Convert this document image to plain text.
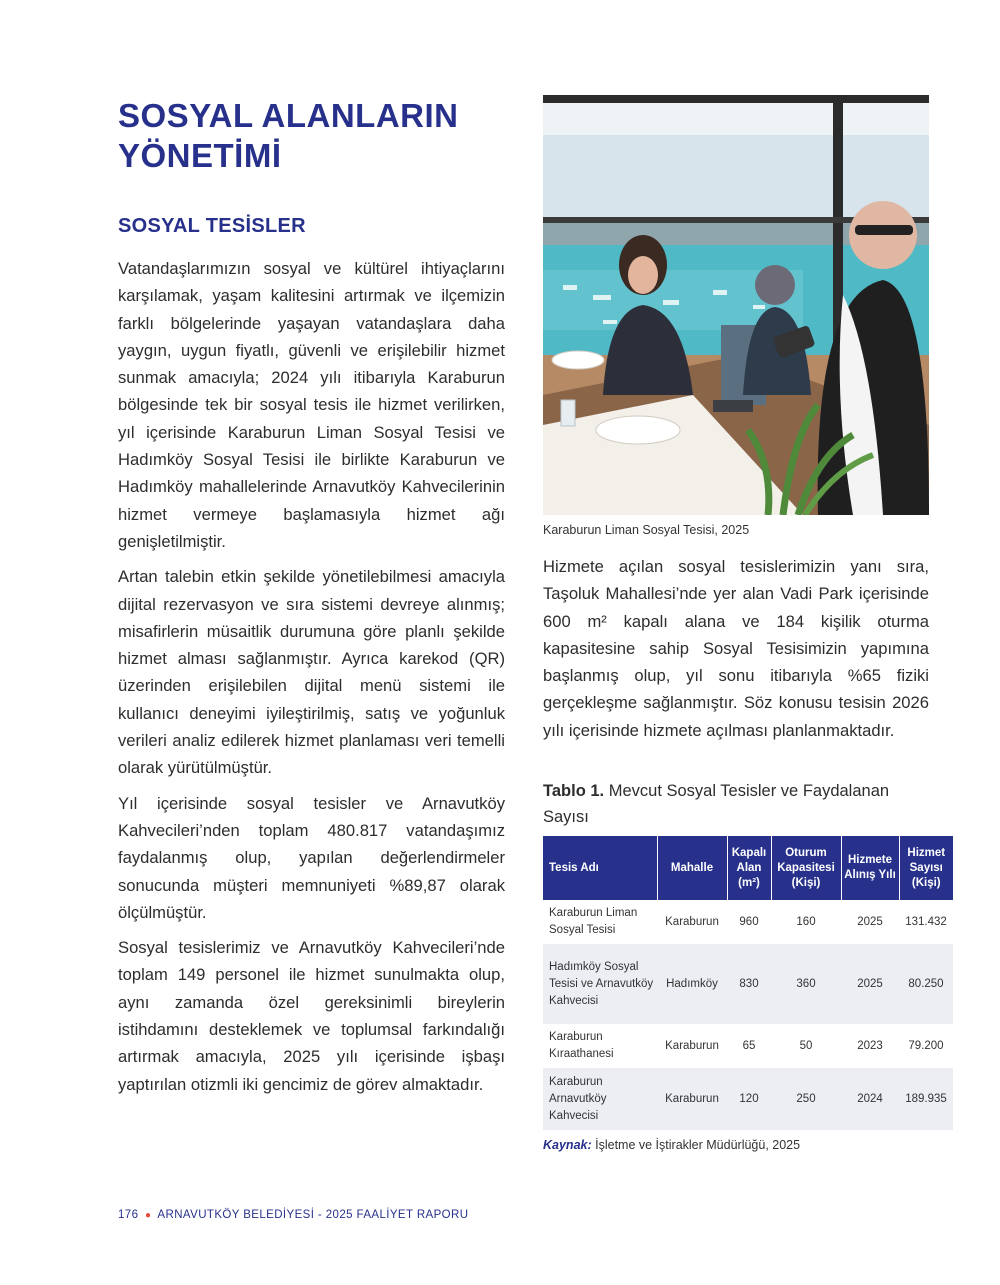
SOSYAL ALANLARIN YÖNETİMİ
SOSYAL TESİSLER

Vatandaşlarımızın sosyal ve kültürel ihtiyaçlarını karşılamak, yaşam kalitesini artırmak ve ilçemizin farklı bölgelerinde yaşayan vatandaşlara daha yaygın, uygun fiyatlı, güvenli ve erişilebilir hizmet sunmak amacıyla; 2024 yılı itibarıyla Karaburun bölgesinde tek bir sosyal tesis ile hizmet verilirken, yıl içerisinde Karaburun Liman Sosyal Tesisi ve Hadımköy Sosyal Tesisi ile birlikte Karaburun ve Hadımköy mahallelerinde Arnavutköy Kahvecilerinin hizmet vermeye başlamasıyla hizmet ağı genişletilmiştir.

Artan talebin etkin şekilde yönetilebilmesi amacıyla dijital rezervasyon ve sıra sistemi devreye alınmış; misafirlerin müsaitlik durumuna göre planlı şekilde hizmet alması sağlanmıştır. Ayrıca karekod (QR) üzerinden erişilebilen dijital menü sistemi ile kullanıcı deneyimi iyileştirilmiş, satış ve yoğunluk verileri analiz edilerek hizmet planlaması veri temelli olarak yürütülmüştür.

Yıl içerisinde sosyal tesisler ve Arnavutköy Kahvecileri’nden toplam 480.817 vatandaşımız faydalanmış olup, yapılan değerlendirmeler sonucunda müşteri memnuniyeti %89,87 olarak ölçülmüştür.

Sosyal tesislerimiz ve Arnavutköy Kahvecileri’nde toplam 149 personel ile hizmet sunulmakta olup, aynı zamanda özel gereksinimli bireylerin istihdamını desteklemek ve toplumsal farkındalığı artırmak amacıyla, 2025 yılı içerisinde işbaşı yaptırılan otizmli iki gencimiz de görev almaktadır.

Karaburun Liman Sosyal Tesisi, 2025

Hizmete açılan sosyal tesislerimizin yanı sıra, Taşoluk Mahallesi’nde yer alan Vadi Park içerisinde 600 m² kapalı alana ve 184 kişilik oturma kapasitesine sahip Sosyal Tesisimizin yapımına başlanmış olup, yıl sonu itibarıyla %65 fiziki gerçekleşme sağlanmıştır. Söz konusu tesisin 2026 yılı içerisinde hizmete açılması planlanmaktadır.

Tablo 1. Mevcut Sosyal Tesisler ve Faydalanan Sayısı

Tesis Adı	Mahalle	Kapalı Alan (m²)	Oturum Kapasitesi (Kişi)	Hizmete Alınış Yılı	Hizmet Sayısı (Kişi)
Karaburun Liman Sosyal Tesisi	Karaburun	960	160	2025	131.432
Hadımköy Sosyal Tesisi ve Arnavutköy Kahvecisi	Hadımköy	830	360	2025	80.250
Karaburun Kıraathanesi	Karaburun	65	50	2023	79.200
Karaburun Arnavutköy Kahvecisi	Karaburun	120	250	2024	189.935
Kaynak: İşletme ve İştirakler Müdürlüğü, 2025
176 ● ARNAVUTKÖY BELEDİYESİ - 2025 FAALİYET RAPORU
